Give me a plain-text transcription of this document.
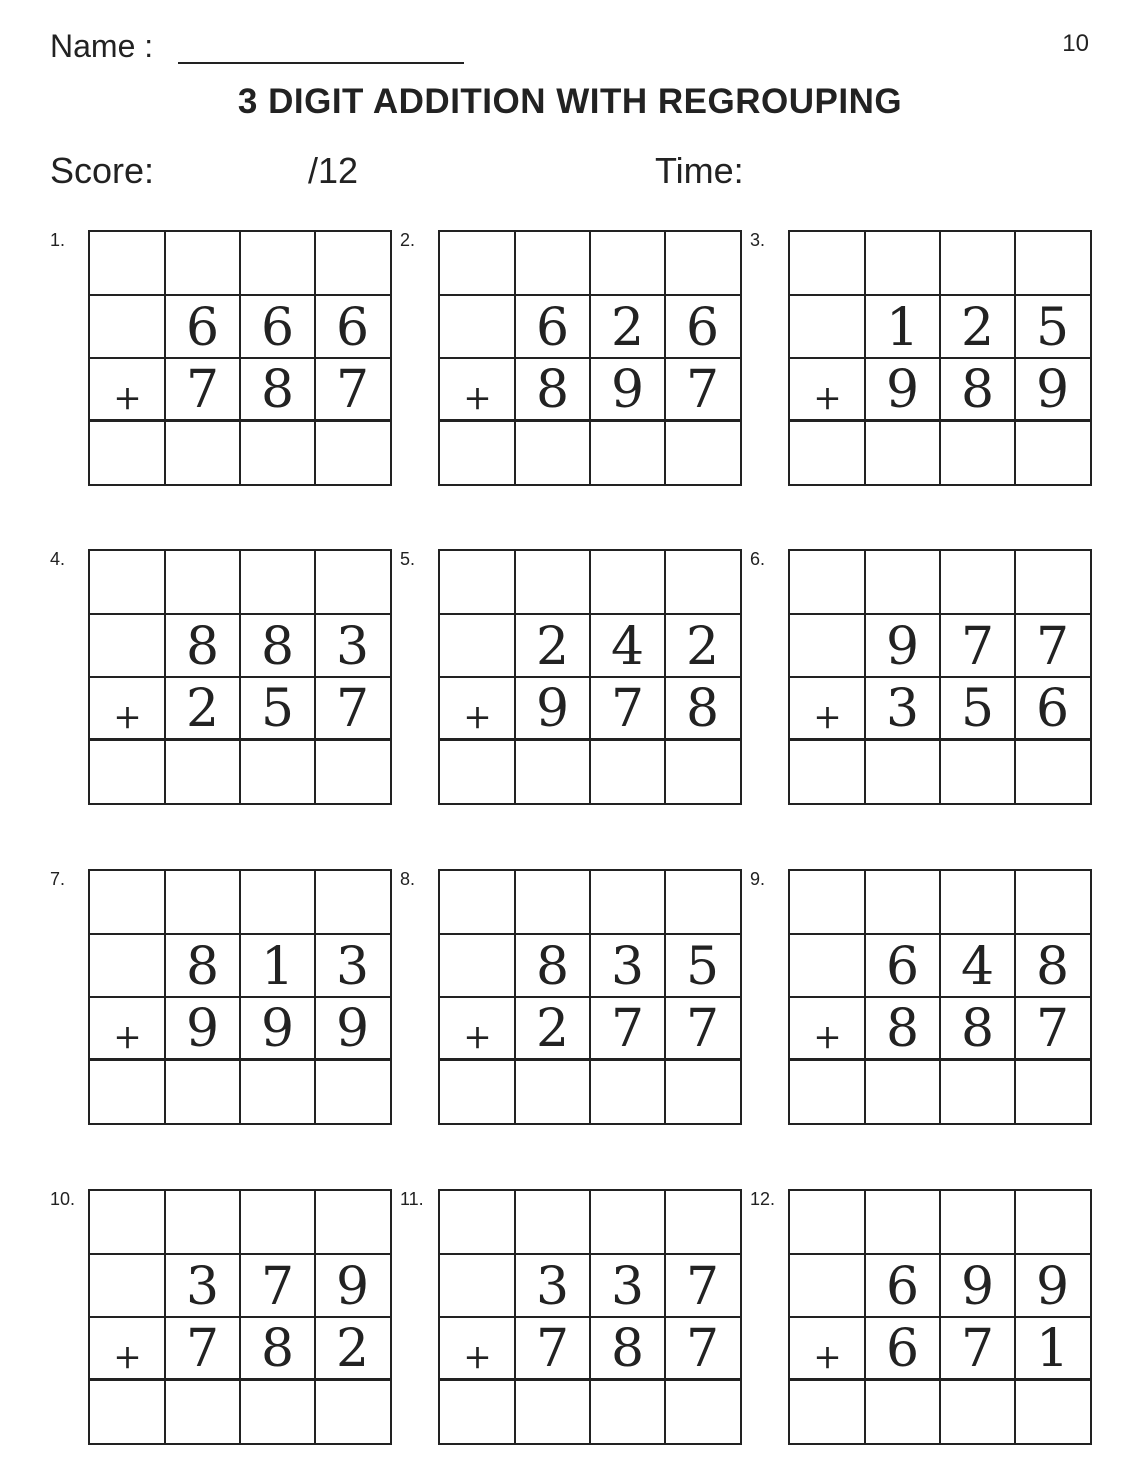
Name :	10
3 DIGIT ADDITION WITH REGROUPING
Score:	/12	Time:
1.
6 6 6
+ 7 8 7
2.
6 2 6
+ 8 9 7
3.
1 2 5
+ 9 8 9
4.
8 8 3
+ 2 5 7
5.
2 4 2
+ 9 7 8
6.
9 7 7
+ 3 5 6
7.
8 1 3
+ 9 9 9
8.
8 3 5
+ 2 7 7
9.
6 4 8
+ 8 8 7
10.
3 7 9
+ 7 8 2
11.
3 3 7
+ 7 8 7
12.
6 9 9
+ 6 7 1
